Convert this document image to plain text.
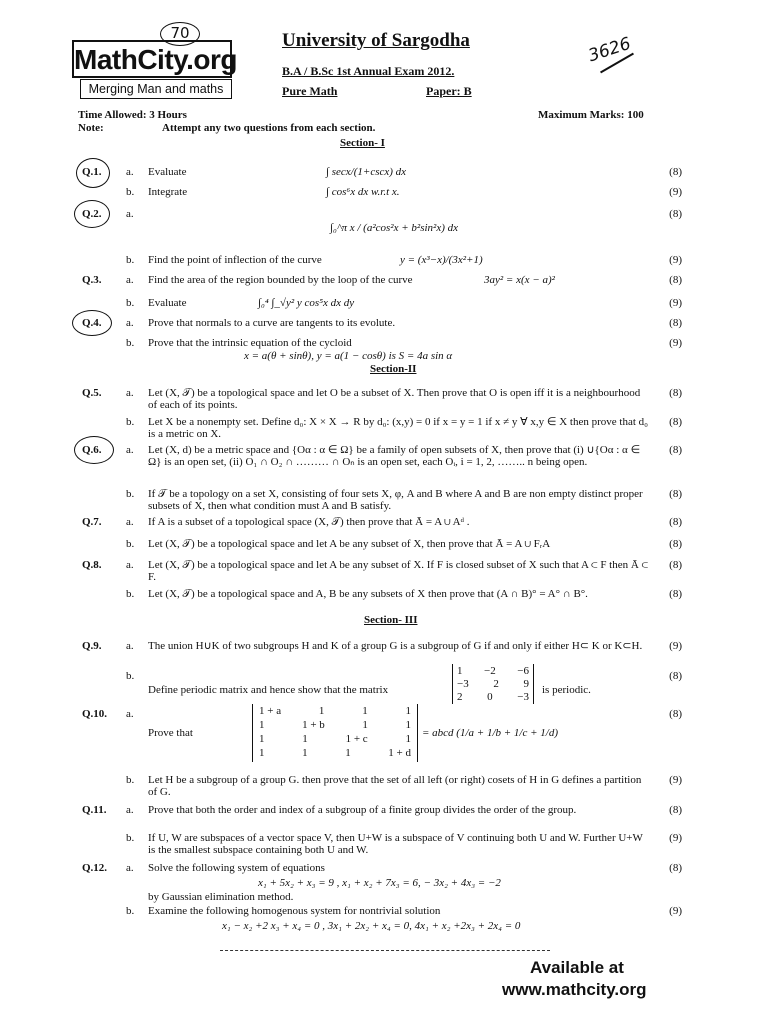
MathCity.org
Merging Man and maths
70	University of Sargodha
B.A / B.Sc 1st Annual Exam 2012.
Pure Math	Paper: B
3626
Time Allowed: 3 Hours
Note:	Attempt any two questions from each section.
Maximum Marks: 100
Section- I
Q.1. a. Evaluate	∫ secx/(1+cscx) dx	(8)
b. Integrate	∫ cos⁶x dx w.r.t x.	(9)
Q.2. a.	(8)
∫₀^π x / (a²cos²x + b²sin²x) dx
b. Find the point of inflection of the curve	y = (x³−x)/(3x²+1)	(9)
Q.3. a. Find the area of the region bounded by the loop of the curve	3ay² = x(x − a)²	(8)
b. Evaluate	∫₀⁴ ∫_√y² y cos⁵x dx dy	(9)
Q.4. a. Prove that normals to a curve are tangents to its evolute.	(8)
b. Prove that the intrinsic equation of the cycloid	(9)
x = a(θ + sinθ), y = a(1 − cosθ) is S = 4a sin α
Section-II
Q.5. a. Let (X, 𝒯) be a topological space and let O be a subset of X. Then prove that O is open iff it is a neighbourhood of each of its points.
(8)
b. Let X be a nonempty set. Define d₀: X × X → R by d₀: (x,y) = 0 if x = y = 1 if x ≠ y ∀ x,y ∈ X then prove that d₀ is a metric on X.
(8)
Q.6. a. Let (X, d) be a metric space and {Oα : α ∈ Ω} be a family of open subsets of X, then prove that (i) ∪{Oα : α ∈ Ω} is an open set, (ii) O₁ ∩ O₂ ∩ ……… ∩ Oₙ is an open set, each Oᵢ, i = 1, 2, …….. n being open.
(8)
b. If 𝒯 be a topology on a set X, consisting of four sets X, φ, A and B where A and B are non empty distinct proper subsets of X, then what condition must A and B satisfy.
(8)
Q.7. a. If A is a subset of a topological space (X, 𝒯) then prove that Ā = A ∪ Aᵈ .	(8)
b. Let (X, 𝒯) be a topological space and let A be any subset of X, then prove that Ā = A ∪ FᵣA	(8)
Q.8. a. Let (X, 𝒯) be a topological space and let A be any subset of X. If F is closed subset of X such that A ⊂ F then Ā ⊂ F.
(8)
b. Let (X, 𝒯) be a topological space and A, B be any subsets of X then prove that (A ∩ B)° = A° ∩ B°.	(8)
Section- III
Q.9. a. The union H∪K of two subgroups H and K of a group G is a subgroup of G if and only if either H⊂ K or K⊂H.	(9)
b.	(8)
Define periodic matrix and hence show that the matrix	is periodic.
1 −2 −6
−3 2 9
2 0 −3
Q.10. a.	(8)
Prove that	= abcd (1/a + 1/b + 1/c + 1/d)
1 + a	1	1	1
1	1 + b	1	1
1	1	1 + c	1
1	1	1	1 + d
b. Let H be a subgroup of a group G. then prove that the set of all left (or right) cosets of H in G defines a partition of G.
(9)
Q.11. a. Prove that both the order and index of a subgroup of a finite group divides the order of the group.	(8)
b. If U, W are subspaces of a vector space V, then U+W is a subspace of V continuing both U and W. Further U+W is the smallest subspace containing both U and W.
(9)
Q.12. a. Solve the following system of equations	(8)
x₁ + 5x₂ + x₃ = 9 , x₁ + x₂ + 7x₃ = 6, − 3x₂ + 4x₃ = −2
by Gaussian elimination method.
b. Examine the following homogenous system for nontrivial solution	(9)
x₁ − x₂ +2 x₃ + x₄ = 0 , 3x₁ + 2x₂ + x₄ = 0, 4x₁ + x₂ +2x₃ + 2x₄ = 0
Available at
www.mathcity.org
